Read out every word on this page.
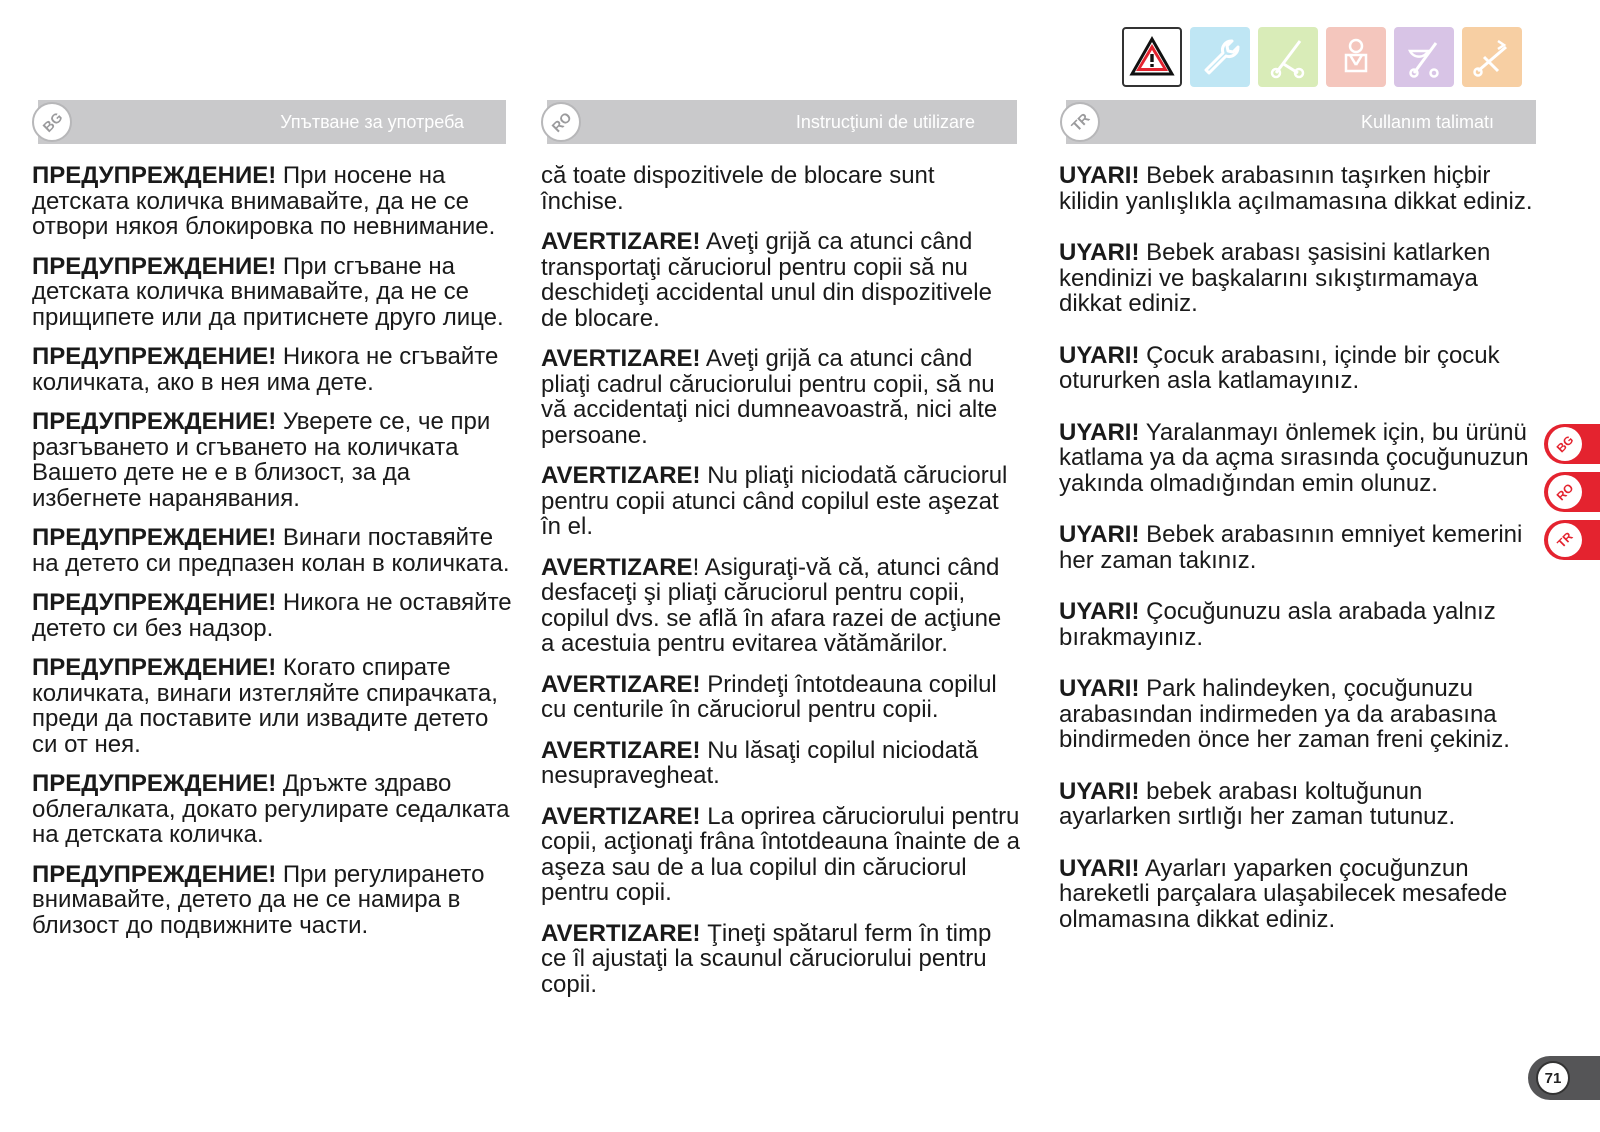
BG	Упътване за употреба	RO	Instrucţiuni de utilizare	TR	Kullanım talimatı

ПРЕДУПРЕЖДЕНИЕ! При носене на детската количка внимавайте, да не се отвори някоя блокировка по невнимание.

ПРЕДУПРЕЖДЕНИЕ! При сгъване на детската количка внимавайте, да не се прищипете или да притиснете друго лице.

ПРЕДУПРЕЖДЕНИЕ! Никога не сгъвайте количката, ако в нея има дете.

ПРЕДУПРЕЖДЕНИЕ! Уверете се, че при разгъването и сгъването на количката Вашето дете не е в близост, за да избегнете наранявания.

ПРЕДУПРЕЖДЕНИЕ! Винаги поставяйте на детето си предпазен колан в количката.

ПРЕДУПРЕЖДЕНИЕ! Никога не оставяйте детето си без надзор.

ПРЕДУПРЕЖДЕНИЕ! Когато спирате количката, винаги изтегляйте спирачката, преди да поставите или извадите детето си от нея.

ПРЕДУПРЕЖДЕНИЕ! Дръжте здраво облегалката, докато регулирате седалката на детската количка.

ПРЕДУПРЕЖДЕНИЕ! При регулирането внимавайте, детето да не се намира в близост до подвижните части.

că toate dispozitivele de blocare sunt închise.

AVERTIZARE! Aveţi grijă ca atunci când transportaţi căruciorul pentru copii să nu deschideţi accidental unul din dispozitivele de blocare.

AVERTIZARE! Aveţi grijă ca atunci când pliaţi cadrul căruciorului pentru copii, să nu vă accidentaţi nici dumneavoastră, nici alte persoane.

AVERTIZARE! Nu pliaţi niciodată căruciorul pentru copii atunci când copilul este aşezat în el.

AVERTIZARE! Asiguraţi-vă că, atunci când desfaceţi şi pliaţi căruciorul pentru copii, copilul dvs. se află în afara razei de acţiune a acestuia pentru evitarea vătămărilor.

AVERTIZARE! Prindeţi întotdeauna copilul cu centurile în căruciorul pentru copii.

AVERTIZARE! Nu lăsaţi copilul niciodată nesupravegheat.

AVERTIZARE! La oprirea căruciorului pentru copii, acţionaţi frâna întotdeauna înainte de a aşeza sau de a lua copilul din căruciorul pentru copii.

AVERTIZARE! Ţineţi spătarul ferm în timp ce îl ajustaţi la scaunul căruciorului pentru copii.

UYARI! Bebek arabasının taşırken hiçbir kilidin yanlışlıkla açılmamasına dikkat ediniz.

UYARI! Bebek arabası şasisini katlarken kendinizi ve başkalarını sıkıştırmamaya dikkat ediniz.

UYARI! Çocuk arabasını, içinde bir çocuk otururken asla katlamayınız.

UYARI! Yaralanmayı önlemek için, bu ürünü katlama ya da açma sırasında çocuğunuzun yakında olmadığından emin olunuz.

UYARI! Bebek arabasının emniyet kemerini her zaman takınız.

UYARI! Çocuğunuzu asla arabada yalnız bırakmayınız.

UYARI! Park halindeyken, çocuğunuzu arabasından indirmeden ya da arabasına bindirmeden önce her zaman freni çekiniz.

UYARI! bebek arabası koltuğunun ayarlarken sırtlığı her zaman tutunuz.

UYARI! Ayarları yaparken çocuğunzun hareketli parçalara ulaşabilecek mesafede olmamasına dikkat ediniz.

BG
RO
TR
71
